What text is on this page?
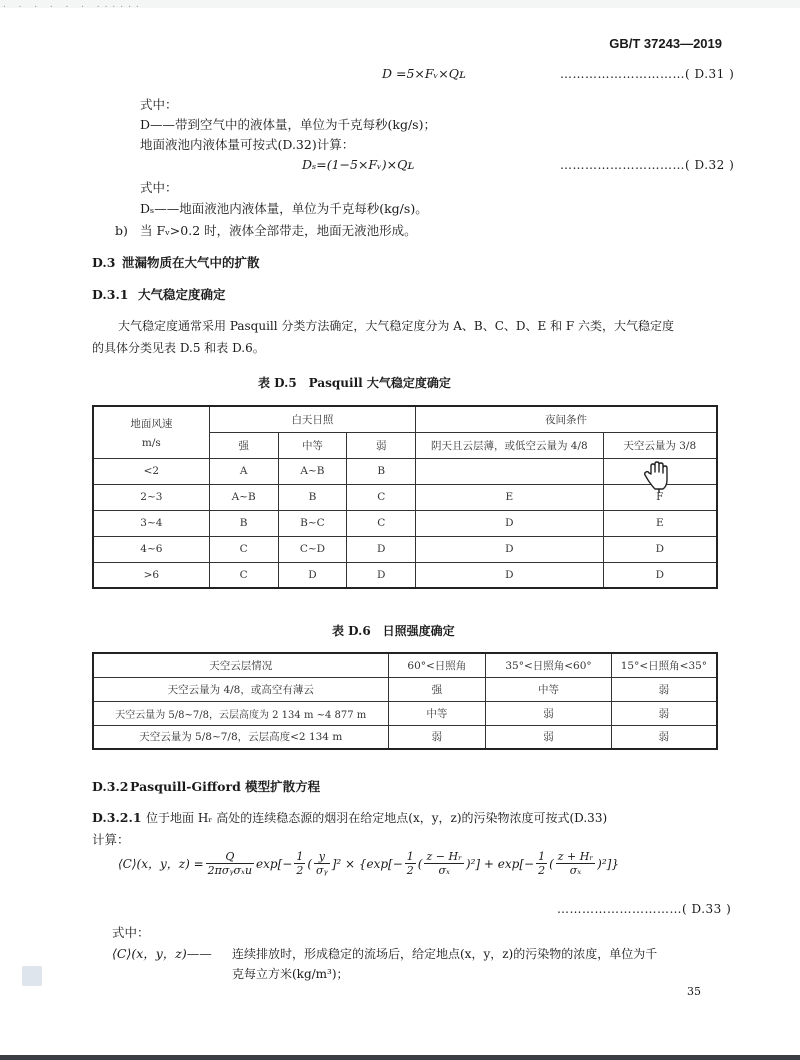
· · · · · · ······
GB/T 37243—2019
D =5×Fᵥ×Qʟ	…………………………( D.31 )
式中：
D——带到空气中的液体量，单位为千克每秒(kg/s)；
地面液池内液体量可按式(D.32)计算：
Dₛ=(1−5×Fᵥ)×Qʟ	…………………………( D.32 )
式中：
Dₛ——地面液池内液体量，单位为千克每秒(kg/s)。
b) 当 Fᵥ>0.2 时，液体全部带走，地面无液池形成。
D.3 泄漏物质在大气中的扩散
D.3.1 大气稳定度确定
大气稳定度通常采用 Pasquill 分类方法确定，大气稳定度分为 A、B、C、D、E 和 F 六类，大气稳定度
的具体分类见表 D.5 和表 D.6。
表 D.5　Pasquill 大气稳定度确定
地面风速
m/s	白天日照			夜间条件	
	强	中等	弱	阴天且云层薄，或低空云量为 4/8	天空云量为 3/8
<2	A	A~B	B		
2~3	A~B	B	C	E	F
3~4	B	B~C	C	D	E
4~6	C	C~D	D	D	D
>6	C	D	D	D	D
表 D.6　日照强度确定
天空云层情况	60°<日照角	35°<日照角<60°	15°<日照角<35°
天空云量为 4/8，或高空有薄云	强	中等	弱
天空云量为 5/8~7/8，云层高度为 2 134 m ~4 877 m	中等	弱	弱
天空云量为 5/8~7/8，云层高度<2 134 m	弱	弱	弱
D.3.2 Pasquill-Gifford 模型扩散方程
D.3.2.1 位于地面 Hᵣ 高处的连续稳态源的烟羽在给定地点(x，y，z)的污染物浓度可按式(D.33)
计算：
⟨C⟩(x，y，$z) = \frac{Q}{\text{2πσᵧσₓu}} \exp[- \frac{1}{2}$ ( $\frac{y}{\text{σᵧ}} ]^2 \times \{\exp[- \frac{1}{2}$ ( $\frac{\text{z − Hᵣ}}{\text{σₓ}} )^2] + \exp[- \frac{1}{2}$ ( $\frac{\text{z + Hᵣ}}{\text{σₓ}} )^2$]}
…………………………( D.33 )
式中：
⟨C⟩(x，y，z)—— 连续排放时，形成稳定的流场后，给定地点(x，y，z)的污染物的浓度，单位为千
克每立方米(kg/m³)；
35
